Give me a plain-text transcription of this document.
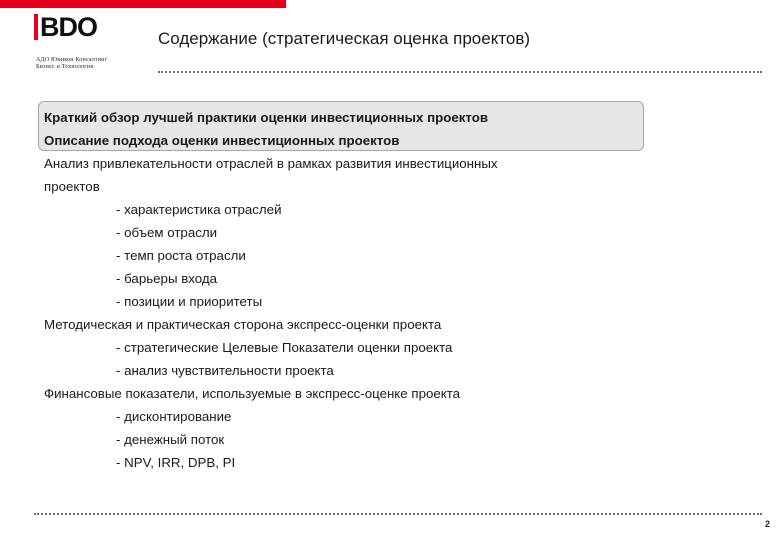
BDO
АДО Юникон Консалтинг
Бизнес и Технологии
Содержание (стратегическая оценка проектов)
Краткий обзор лучшей практики оценки инвестиционных проектов
Описание подхода оценки инвестиционных проектов
Анализ привлекательности отраслей в рамках развития инвестиционных
проектов
- характеристика отраслей
- объем отрасли
- темп роста отрасли
- барьеры входа
- позиции и приоритеты
Методическая и практическая сторона экспресс-оценки проекта
- стратегические Целевые Показатели оценки проекта
- анализ чувствительности проекта
Финансовые показатели, используемые в экспресс-оценке проекта
- дисконтирование
- денежный поток
- NPV, IRR, DPB, PI
2
